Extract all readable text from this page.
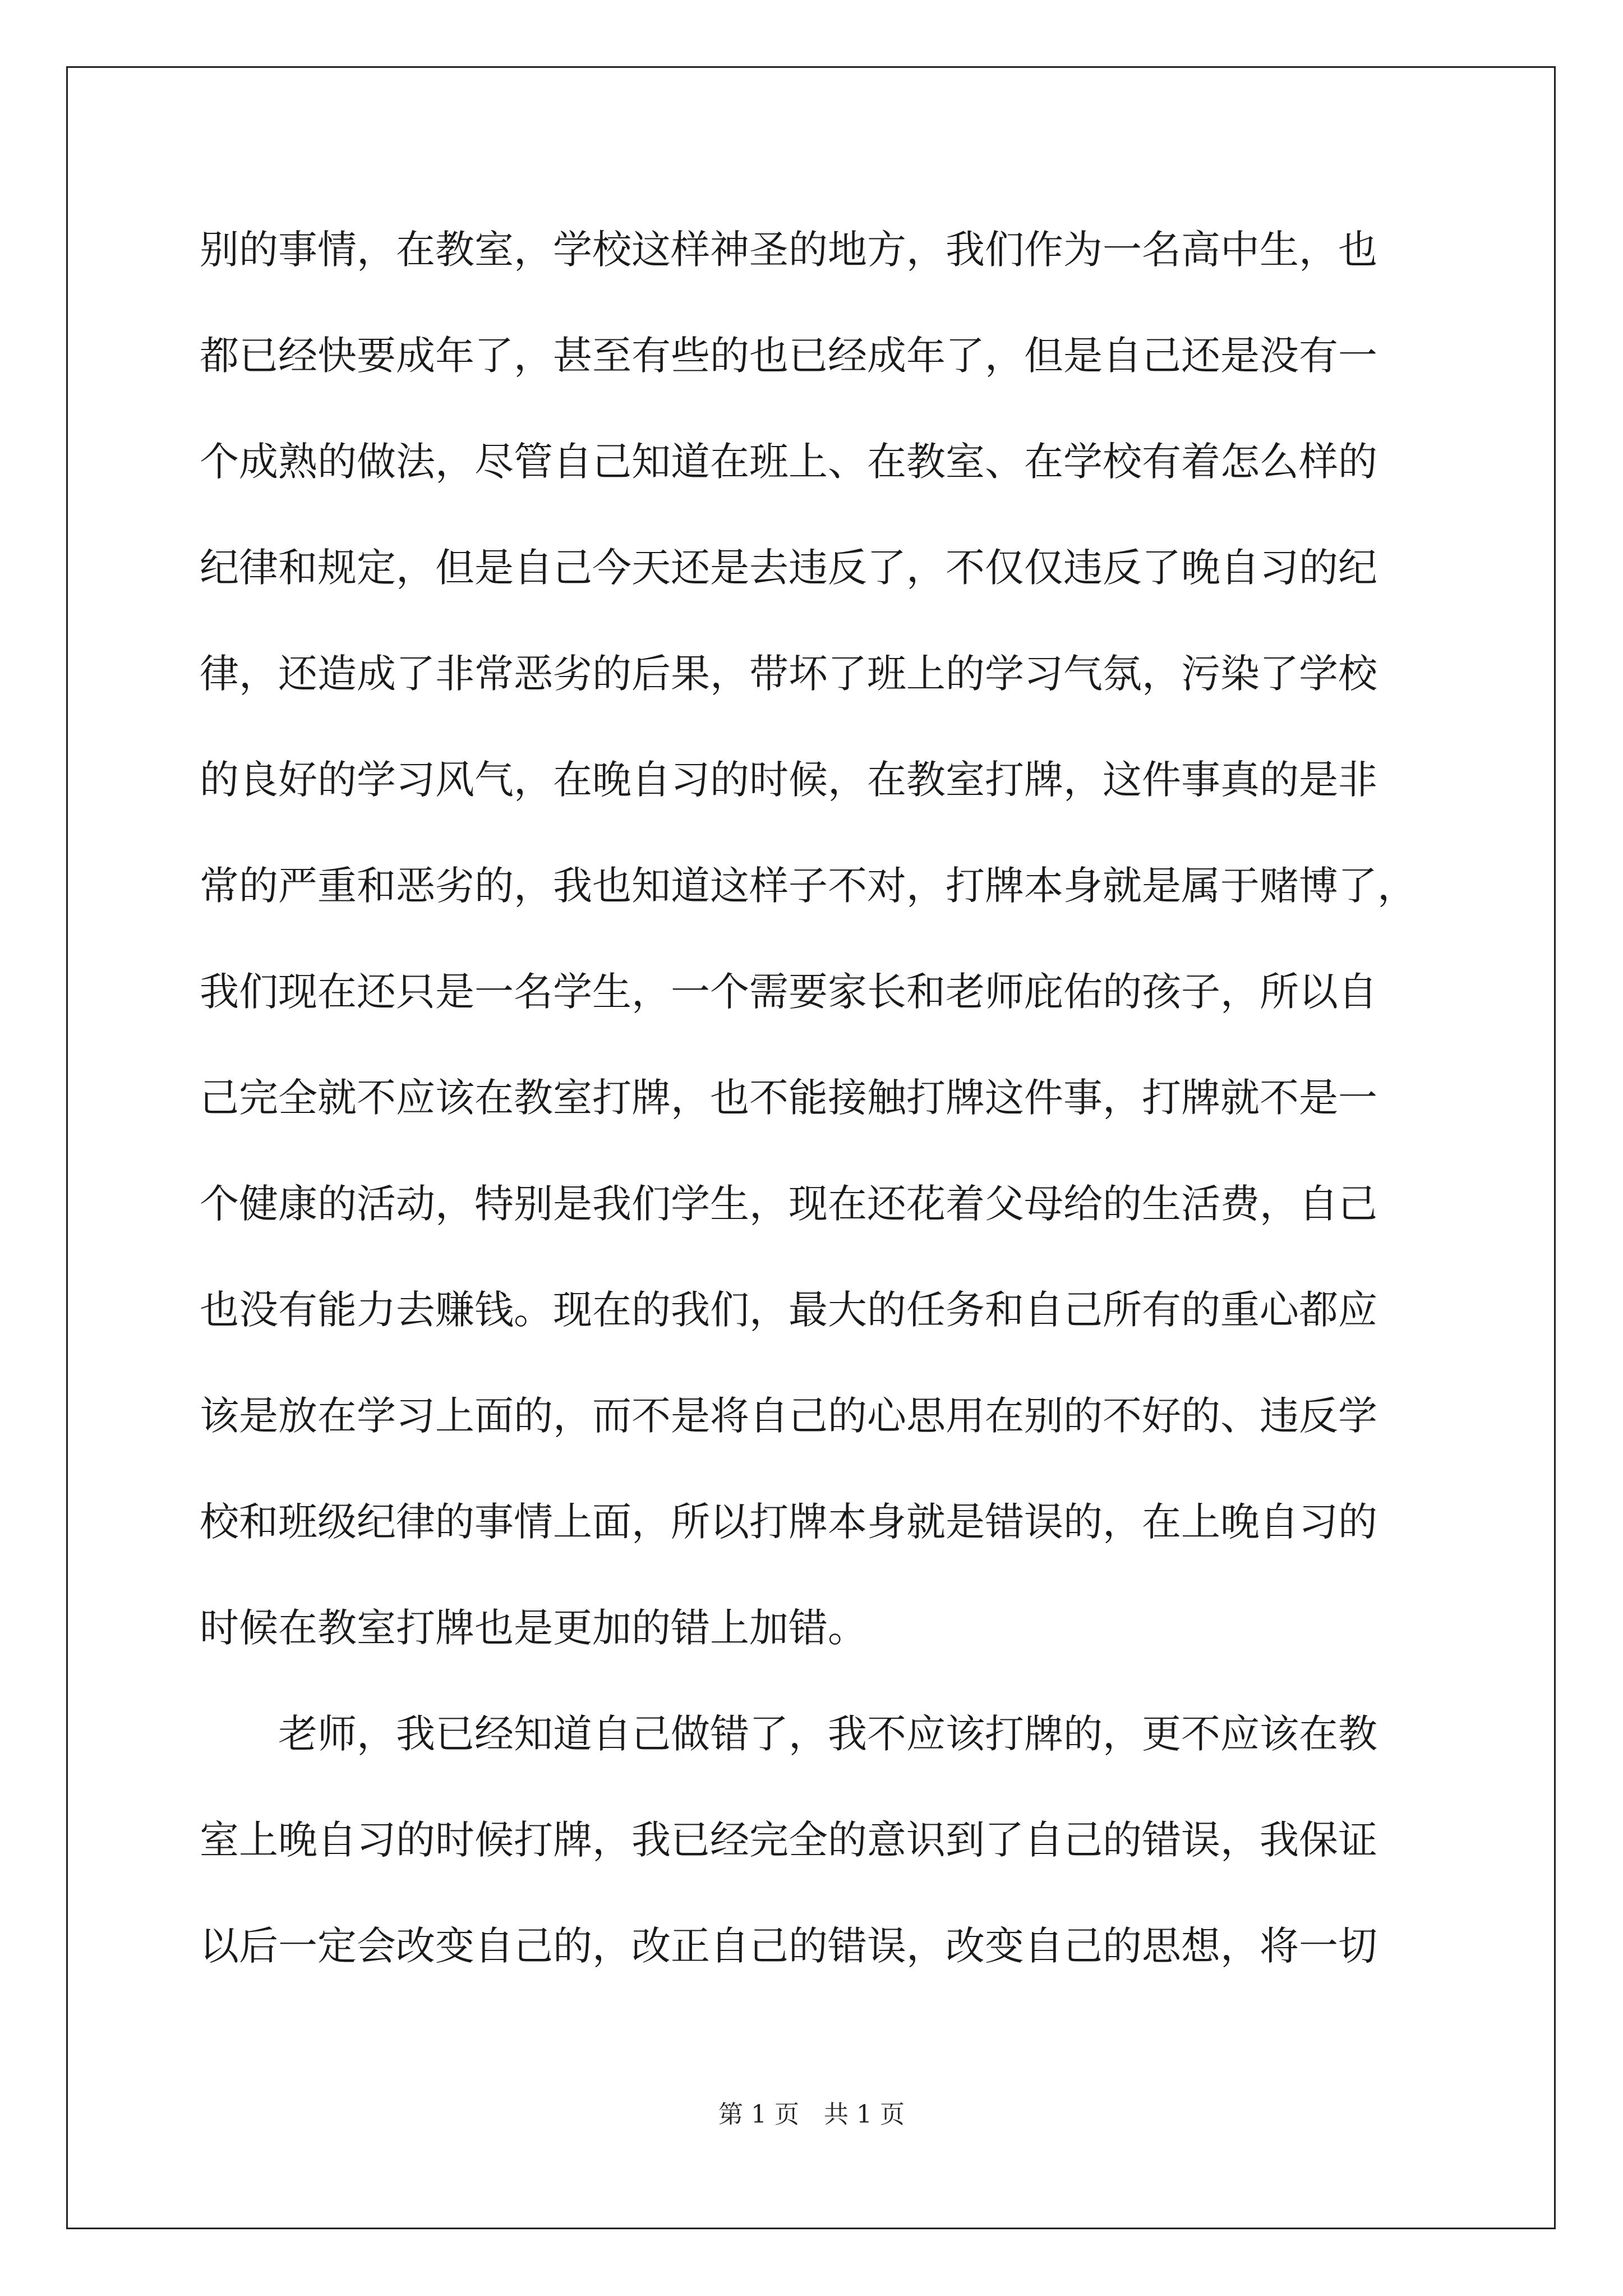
别的事情，在教室，学校这样神圣的地方，我们作为一名高中生，也
都已经快要成年了，甚至有些的也已经成年了，但是自己还是没有一
个成熟的做法，尽管自己知道在班上、在教室、在学校有着怎么样的
纪律和规定，但是自己今天还是去违反了，不仅仅违反了晚自习的纪
律，还造成了非常恶劣的后果，带坏了班上的学习气氛，污染了学校
的良好的学习风气，在晚自习的时候，在教室打牌，这件事真的是非
常的严重和恶劣的，我也知道这样子不对，打牌本身就是属于赌博了，
我们现在还只是一名学生，一个需要家长和老师庇佑的孩子，所以自
己完全就不应该在教室打牌，也不能接触打牌这件事，打牌就不是一
个健康的活动，特别是我们学生，现在还花着父母给的生活费，自己
也没有能力去赚钱。现在的我们，最大的任务和自己所有的重心都应
该是放在学习上面的，而不是将自己的心思用在别的不好的、违反学
校和班级纪律的事情上面，所以打牌本身就是错误的，在上晚自习的
时候在教室打牌也是更加的错上加错。
老师，我已经知道自己做错了，我不应该打牌的，更不应该在教
室上晚自习的时候打牌，我已经完全的意识到了自己的错误，我保证
以后一定会改变自己的，改正自己的错误，改变自己的思想，将一切
第 1 页　共 1 页
